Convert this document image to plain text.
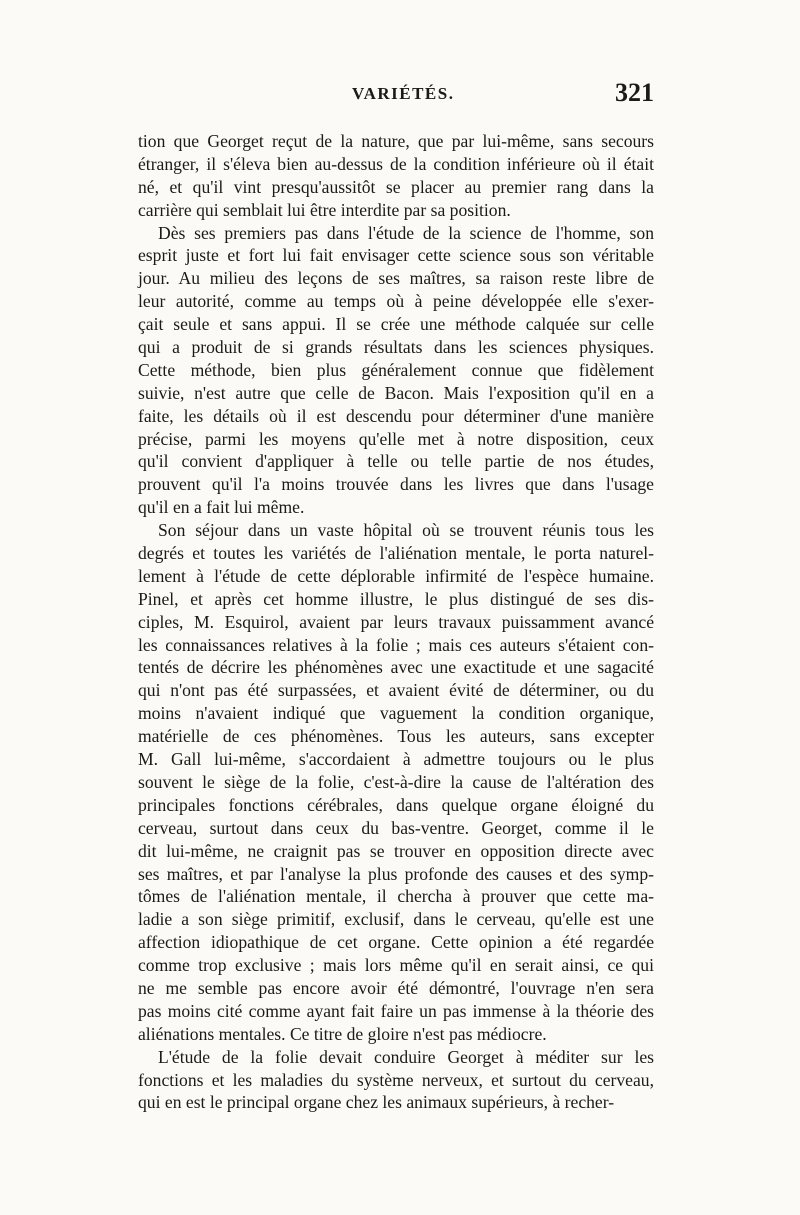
VARIÉTÉS.	321
tion que Georget reçut de la nature, que par lui-même, sans secours
étranger, il s'éleva bien au-dessus de la condition inférieure où il était
né, et qu'il vint presqu'aussitôt se placer au premier rang dans la
carrière qui semblait lui être interdite par sa position.
Dès ses premiers pas dans l'étude de la science de l'homme, son
esprit juste et fort lui fait envisager cette science sous son véritable
jour. Au milieu des leçons de ses maîtres, sa raison reste libre de
leur autorité, comme au temps où à peine développée elle s'exer-
çait seule et sans appui. Il se crée une méthode calquée sur celle
qui a produit de si grands résultats dans les sciences physiques.
Cette méthode, bien plus généralement connue que fidèlement
suivie, n'est autre que celle de Bacon. Mais l'exposition qu'il en a
faite, les détails où il est descendu pour déterminer d'une manière
précise, parmi les moyens qu'elle met à notre disposition, ceux
qu'il convient d'appliquer à telle ou telle partie de nos études,
prouvent qu'il l'a moins trouvée dans les livres que dans l'usage
qu'il en a fait lui même.
Son séjour dans un vaste hôpital où se trouvent réunis tous les
degrés et toutes les variétés de l'aliénation mentale, le porta naturel-
lement à l'étude de cette déplorable infirmité de l'espèce humaine.
Pinel, et après cet homme illustre, le plus distingué de ses dis-
ciples, M. Esquirol, avaient par leurs travaux puissamment avancé
les connaissances relatives à la folie ; mais ces auteurs s'étaient con-
tentés de décrire les phénomènes avec une exactitude et une sagacité
qui n'ont pas été surpassées, et avaient évité de déterminer, ou du
moins n'avaient indiqué que vaguement la condition organique,
matérielle de ces phénomènes. Tous les auteurs, sans excepter
M. Gall lui-même, s'accordaient à admettre toujours ou le plus
souvent le siège de la folie, c'est-à-dire la cause de l'altération des
principales fonctions cérébrales, dans quelque organe éloigné du
cerveau, surtout dans ceux du bas-ventre. Georget, comme il le
dit lui-même, ne craignit pas se trouver en opposition directe avec
ses maîtres, et par l'analyse la plus profonde des causes et des symp-
tômes de l'aliénation mentale, il chercha à prouver que cette ma-
ladie a son siège primitif, exclusif, dans le cerveau, qu'elle est une
affection idiopathique de cet organe. Cette opinion a été regardée
comme trop exclusive ; mais lors même qu'il en serait ainsi, ce qui
ne me semble pas encore avoir été démontré, l'ouvrage n'en sera
pas moins cité comme ayant fait faire un pas immense à la théorie des
aliénations mentales. Ce titre de gloire n'est pas médiocre.
L'étude de la folie devait conduire Georget à méditer sur les
fonctions et les maladies du système nerveux, et surtout du cerveau,
qui en est le principal organe chez les animaux supérieurs, à recher-
